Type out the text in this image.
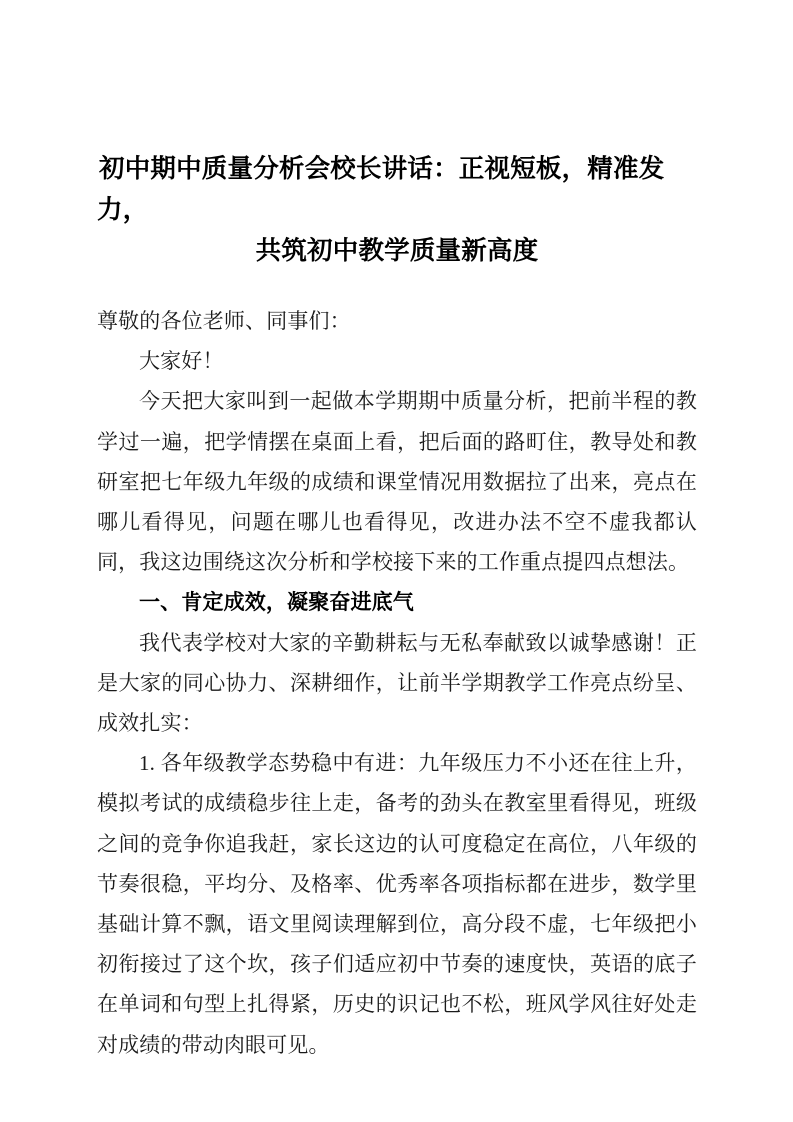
初中期中质量分析会校长讲话：正视短板，精准发力，
共筑初中教学质量新高度

尊敬的各位老师、同事们：

大家好！

今天把大家叫到一起做本学期期中质量分析，把前半程的教学过一遍，把学情摆在桌面上看，把后面的路町住，教导处和教研室把七年级九年级的成绩和课堂情况用数据拉了出来，亮点在哪儿看得见，问题在哪儿也看得见，改进办法不空不虚我都认同，我这边围绕这次分析和学校接下来的工作重点提四点想法。

一、肯定成效，凝聚奋进底气

我代表学校对大家的辛勤耕耘与无私奉献致以诚挚感谢！正是大家的同心协力、深耕细作，让前半学期教学工作亮点纷呈、成效扎实：

1. 各年级教学态势稳中有进：九年级压力不小还在往上升，模拟考试的成绩稳步往上走，备考的劲头在教室里看得见，班级之间的竞争你追我赶，家长这边的认可度稳定在高位，八年级的节奏很稳，平均分、及格率、优秀率各项指标都在进步，数学里基础计算不飘，语文里阅读理解到位，高分段不虚，七年级把小初衔接过了这个坎，孩子们适应初中节奏的速度快，英语的底子在单词和句型上扎得紧，历史的识记也不松，班风学风往好处走对成绩的带动肉眼可见。
